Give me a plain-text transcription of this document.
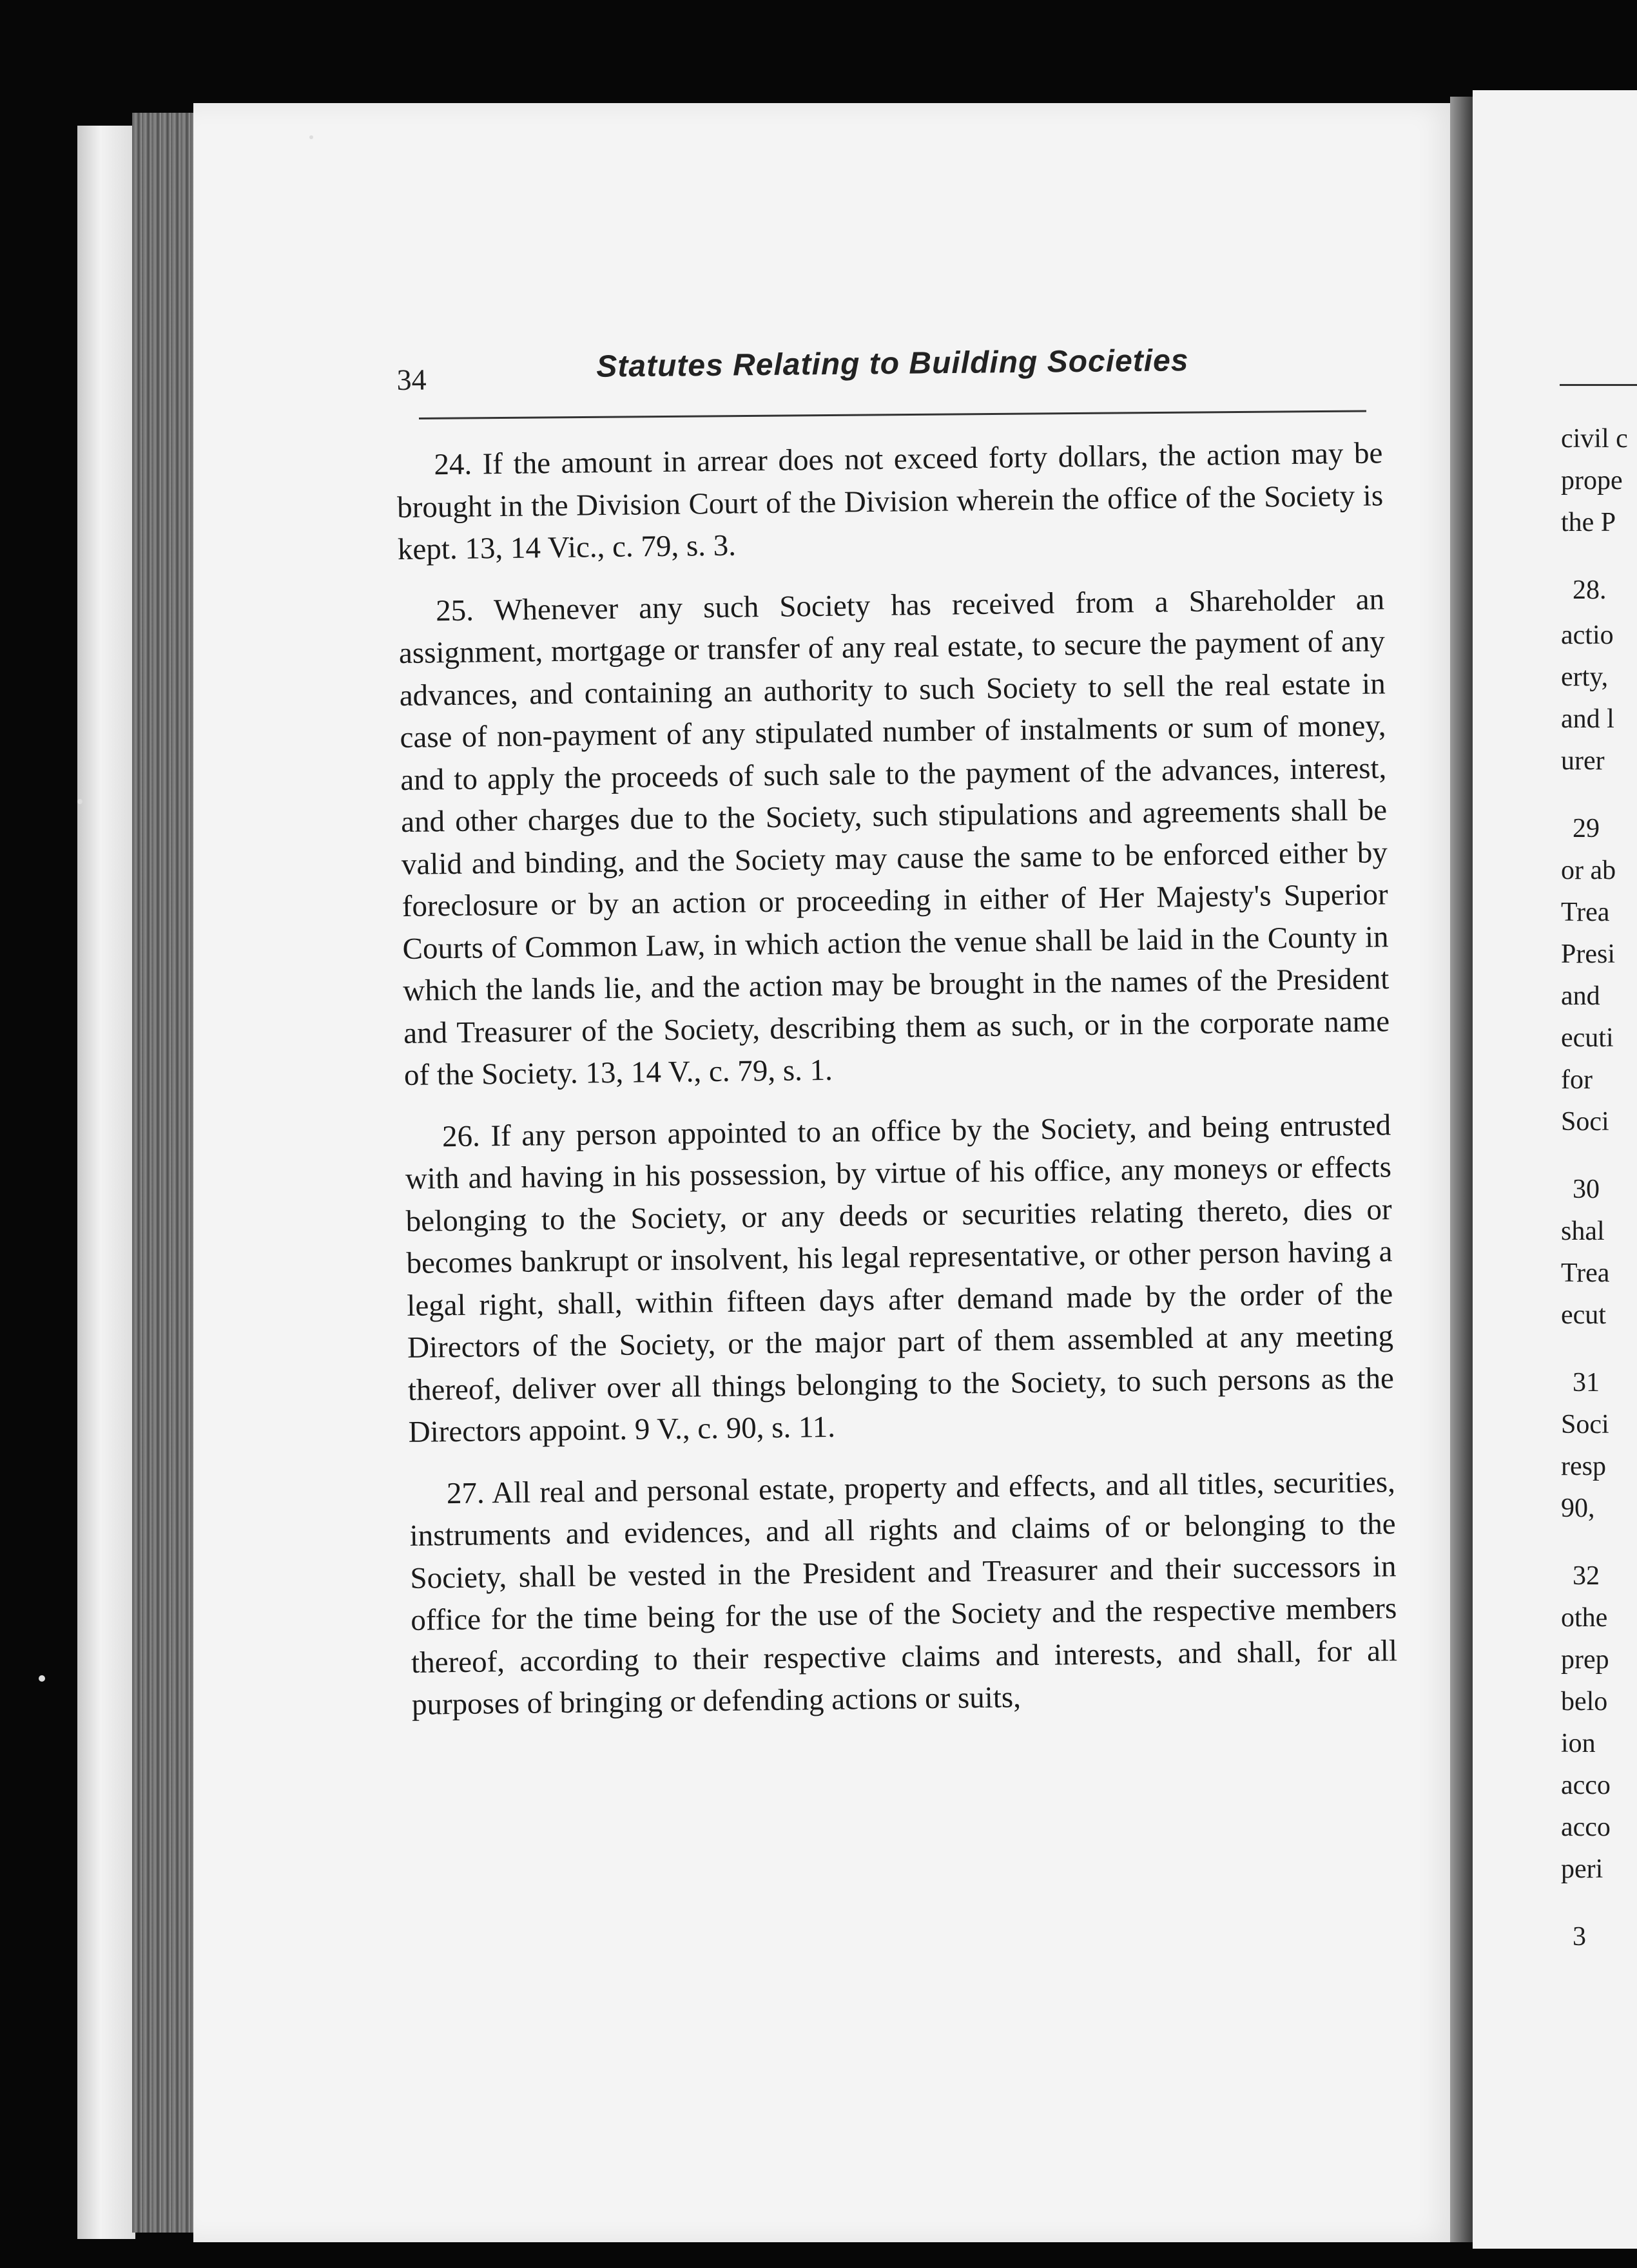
civil c
prope
the P
28.
actio
erty,
and l
urer
29
or ab
Trea
Presi
and
ecuti
for
Soci
30
shal
Trea
ecut
31
Soci
resp
90,
32
othe
prep
belo
ion
acco
acco
peri
3
34	Statutes Relating to Building Societies

24. If the amount in arrear does not exceed forty dollars, the action may be brought in the Division Court of the Division wherein the office of the Society is kept. 13, 14 Vic., c. 79, s. 3.

25. Whenever any such Society has received from a Shareholder an assignment, mortgage or transfer of any real estate, to secure the payment of any advances, and containing an authority to such Society to sell the real estate in case of non-payment of any stipulated number of instalments or sum of money, and to apply the proceeds of such sale to the payment of the advances, interest, and other charges due to the Society, such stipulations and agreements shall be valid and binding, and the Society may cause the same to be enforced either by foreclosure or by an action or proceeding in either of Her Majesty's Superior Courts of Common Law, in which action the venue shall be laid in the County in which the lands lie, and the action may be brought in the names of the President and Treasurer of the Society, describing them as such, or in the corporate name of the Society. 13, 14 V., c. 79, s. 1.

26. If any person appointed to an office by the Society, and being entrusted with and having in his possession, by virtue of his office, any moneys or effects belonging to the Society, or any deeds or securities relating thereto, dies or becomes bankrupt or insolvent, his legal representative, or other person having a legal right, shall, within fifteen days after demand made by the order of the Directors of the Society, or the major part of them assembled at any meeting thereof, deliver over all things belonging to the Society, to such persons as the Directors appoint. 9 V., c. 90, s. 11.

27. All real and personal estate, property and effects, and all titles, securities, instruments and evidences, and all rights and claims of or belonging to the Society, shall be vested in the President and Treasurer and their successors in office for the time being for the use of the Society and the respective members thereof, according to their respective claims and interests, and shall, for all purposes of bringing or defending actions or suits,
